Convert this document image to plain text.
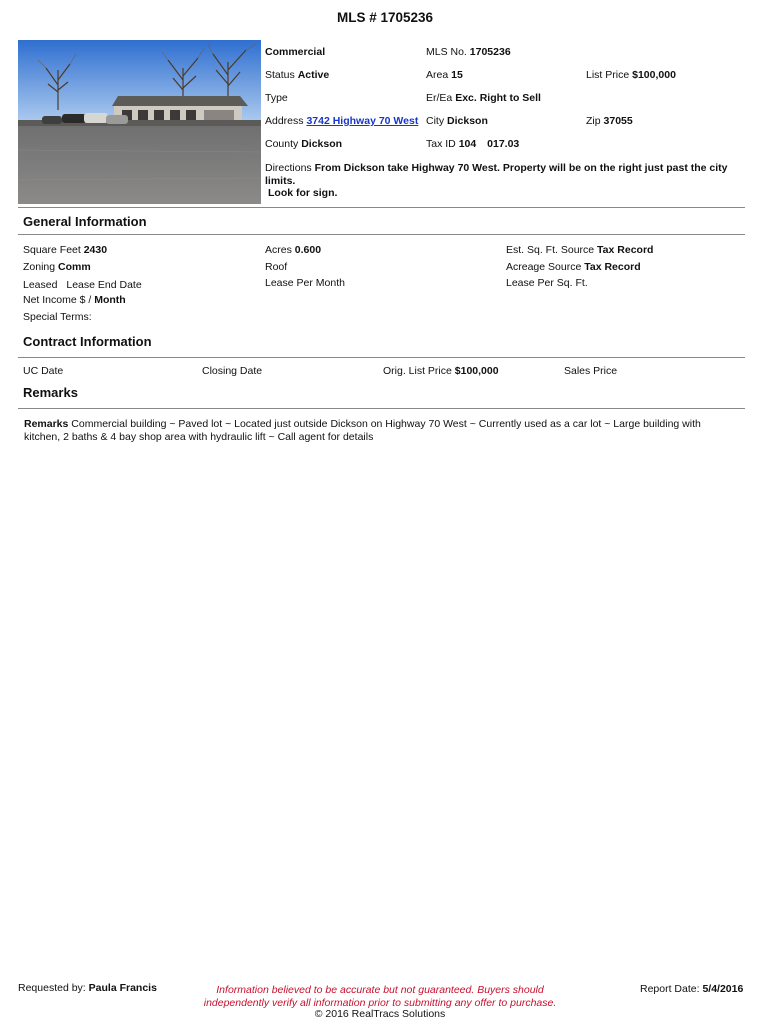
MLS # 1705236
Commercial	MLS No. 1705236
Status Active	Area 15	List Price $100,000
Type	Er/Ea Exc. Right to Sell
Address 3742 Highway 70 West City Dickson	Zip 37055
County Dickson	Tax ID 104 017.03
Directions From Dickson take Highway 70 West. Property will be on the right just past the city limits.
Look for sign.
General Information
Square Feet 2430	Acres 0.600	Est. Sq. Ft. Source Tax Record
Zoning Comm	Roof	Acreage Source Tax Record
Leased Lease End Date	Lease Per Month	Lease Per Sq. Ft.
Net Income $ / Month
Special Terms:
Contract Information
UC Date	Closing Date	Orig. List Price $100,000	Sales Price
Remarks
Remarks Commercial building ~ Paved lot ~ Located just outside Dickson on Highway 70 West ~ Currently used as a car lot ~ Large building with kitchen, 2 baths & 4 bay shop area with hydraulic lift ~ Call agent for details
Requested by: Paula Francis	Information believed to be accurate but not guaranteed. Buyers should
independently verify all information prior to submitting any offer to purchase.
© 2016 RealTracs Solutions
Report Date: 5/4/2016
